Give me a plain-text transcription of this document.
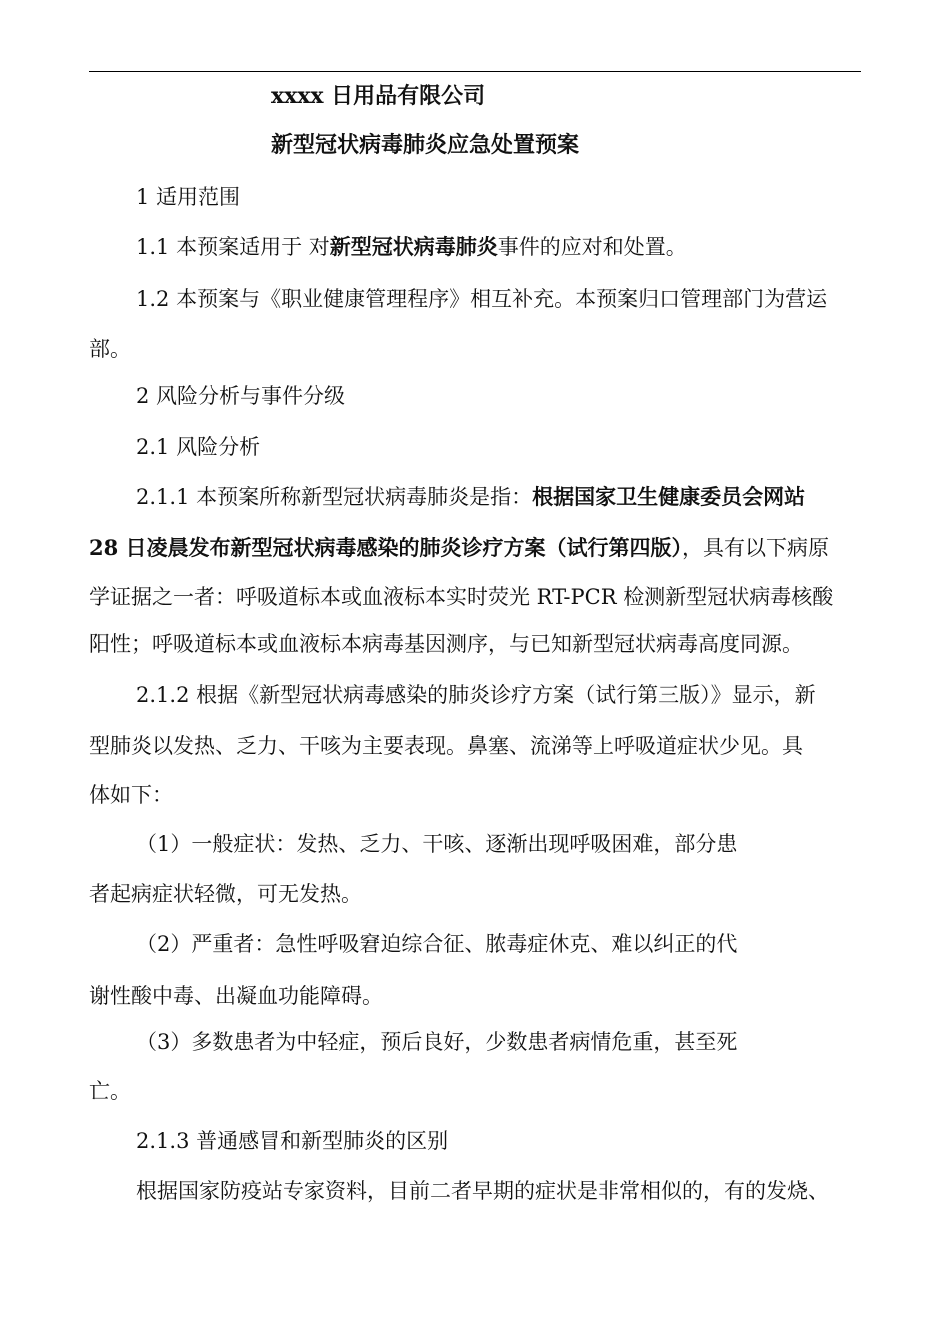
xxxx 日用品有限公司
新型冠状病毒肺炎应急处置预案
1 适用范围
1.1 本预案适用于 对新型冠状病毒肺炎事件的应对和处置。
1.2 本预案与《职业健康管理程序》相互补充。本预案归口管理部门为营运
部。
2 风险分析与事件分级
2.1 风险分析
2.1.1 本预案所称新型冠状病毒肺炎是指：根据国家卫生健康委员会网站
28 日凌晨发布新型冠状病毒感染的肺炎诊疗方案（试行第四版），具有以下病原
学证据之一者：呼吸道标本或血液标本实时荧光 RT-PCR 检测新型冠状病毒核酸
阳性；呼吸道标本或血液标本病毒基因测序，与已知新型冠状病毒高度同源。
2.1.2 根据《新型冠状病毒感染的肺炎诊疗方案（试行第三版）》显示，新
型肺炎以发热、乏力、干咳为主要表现。鼻塞、流涕等上呼吸道症状少见。具
体如下：
（1）一般症状：发热、乏力、干咳、逐渐出现呼吸困难，部分患
者起病症状轻微，可无发热。
（2）严重者：急性呼吸窘迫综合征、脓毒症休克、难以纠正的代
谢性酸中毒、出凝血功能障碍。
（3）多数患者为中轻症，预后良好，少数患者病情危重，甚至死
亡。
2.1.3 普通感冒和新型肺炎的区别
根据国家防疫站专家资料，目前二者早期的症状是非常相似的，有的发烧、
